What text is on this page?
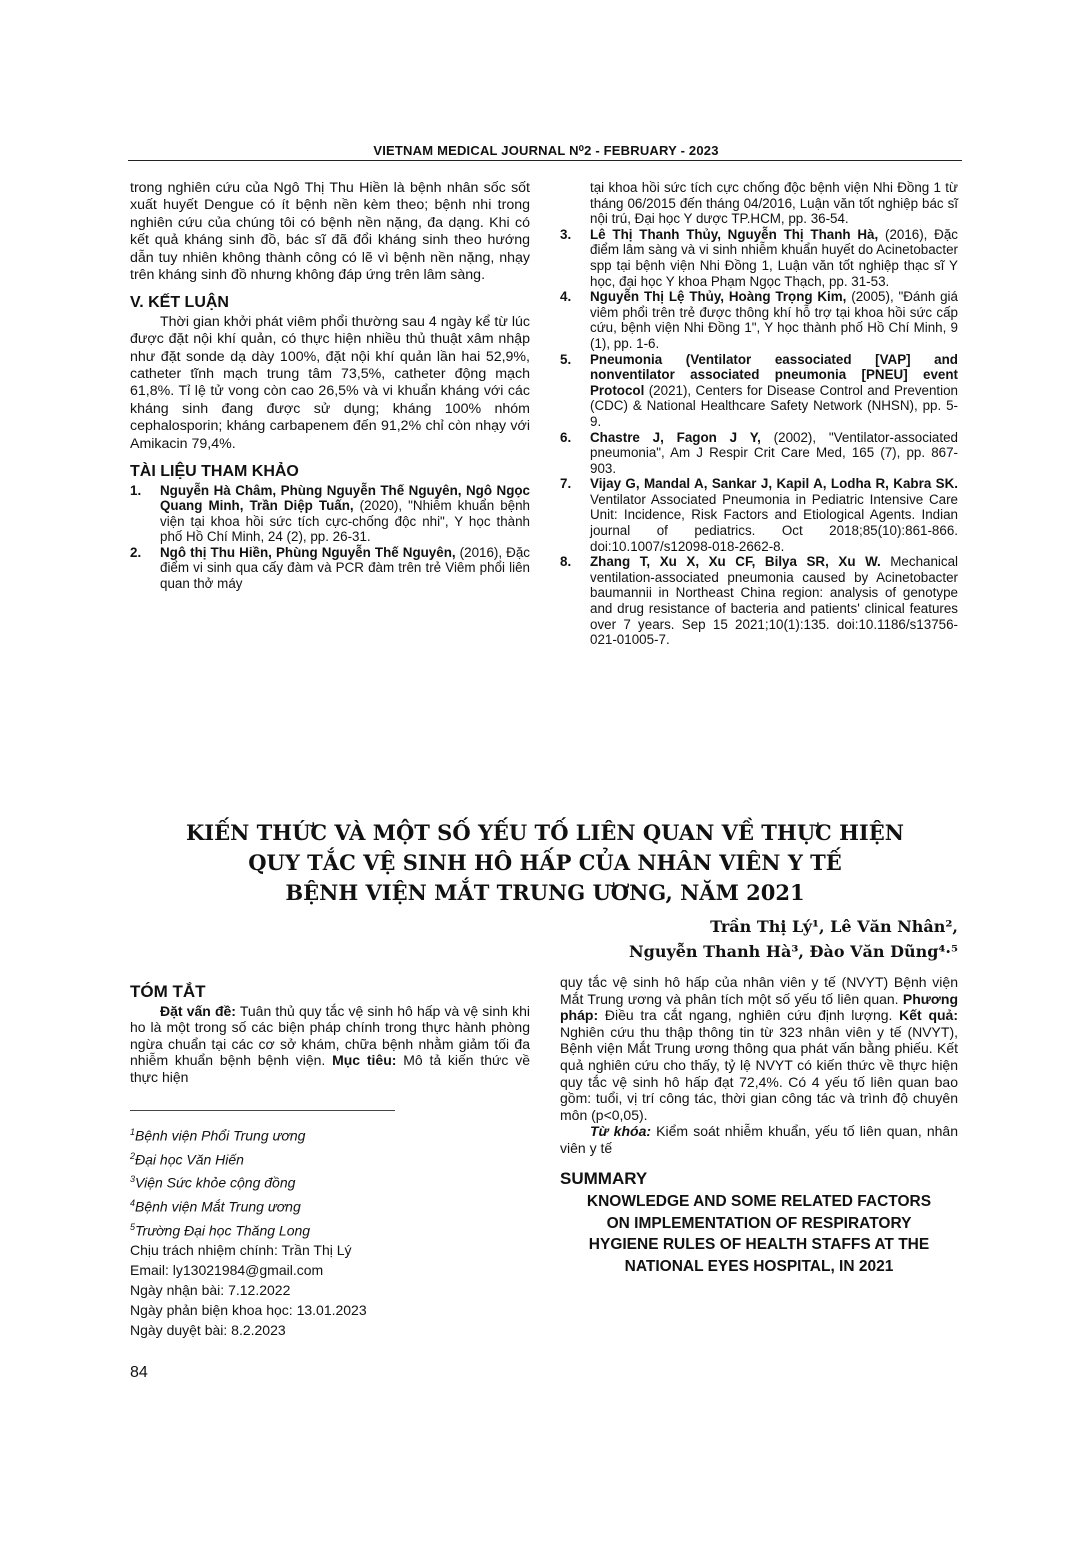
VIETNAM MEDICAL JOURNAL N⁰2 - FEBRUARY - 2023

trong nghiên cứu của Ngô Thị Thu Hiền là bệnh nhân sốc sốt xuất huyết Dengue có ít bệnh nền kèm theo; bệnh nhi trong nghiên cứu của chúng tôi có bệnh nền nặng, đa dạng. Khi có kết quả kháng sinh đồ, bác sĩ đã đổi kháng sinh theo hướng dẫn tuy nhiên không thành công có lẽ vì bệnh nền nặng, nhạy trên kháng sinh đồ nhưng không đáp ứng trên lâm sàng.

V. KẾT LUẬN

Thời gian khởi phát viêm phổi thường sau 4 ngày kể từ lúc được đặt nội khí quản, có thực hiện nhiều thủ thuật xâm nhập như đặt sonde dạ dày 100%, đặt nội khí quản lần hai 52,9%, catheter tĩnh mạch trung tâm 73,5%, catheter động mạch 61,8%. Tỉ lệ tử vong còn cao 26,5% và vi khuẩn kháng với các kháng sinh đang được sử dụng; kháng 100% nhóm cephalosporin; kháng carbapenem đến 91,2% chỉ còn nhạy với Amikacin 79,4%.

TÀI LIỆU THAM KHẢO
1.	Nguyễn Hà Châm, Phùng Nguyễn Thế Nguyên, Ngô Ngọc Quang Minh, Trần Diệp Tuấn, (2020), "Nhiễm khuẩn bệnh viện tại khoa hồi sức tích cực-chống độc nhi", Y học thành phố Hồ Chí Minh, 24 (2), pp. 26-31.
2.	Ngô thị Thu Hiền, Phùng Nguyễn Thế Nguyên, (2016), Đặc điểm vi sinh qua cấy đàm và PCR đàm trên trẻ Viêm phổi liên quan thở máy

tại khoa hồi sức tích cực chống độc bệnh viện Nhi Đồng 1 từ tháng 06/2015 đến tháng 04/2016, Luận văn tốt nghiệp bác sĩ nội trú, Đại học Y dược TP.HCM, pp. 36-54.

3.	Lê Thị Thanh Thủy, Nguyễn Thị Thanh Hà, (2016), Đặc điểm lâm sàng và vi sinh nhiễm khuẩn huyết do Acinetobacter spp tại bệnh viện Nhi Đồng 1, Luận văn tốt nghiệp thạc sĩ Y học, đại học Y khoa Phạm Ngọc Thạch, pp. 31-53.
4.	Nguyễn Thị Lệ Thủy, Hoàng Trọng Kim, (2005), "Đánh giá viêm phổi trên trẻ được thông khí hỗ trợ tại khoa hồi sức cấp cứu, bệnh viện Nhi Đồng 1", Y học thành phố Hồ Chí Minh, 9 (1), pp. 1-6.
5.	Pneumonia (Ventilator eassociated [VAP] and nonventilator associated pneumonia [PNEU] event Protocol (2021), Centers for Disease Control and Prevention (CDC) & National Healthcare Safety Network (NHSN), pp. 5-9.
6.	Chastre J, Fagon J Y, (2002), "Ventilator-associated pneumonia", Am J Respir Crit Care Med, 165 (7), pp. 867-903.
7.	Vijay G, Mandal A, Sankar J, Kapil A, Lodha R, Kabra SK. Ventilator Associated Pneumonia in Pediatric Intensive Care Unit: Incidence, Risk Factors and Etiological Agents. Indian journal of pediatrics. Oct 2018;85(10):861-866. doi:10.1007/s12098-018-2662-8.
8.	Zhang T, Xu X, Xu CF, Bilya SR, Xu W. Mechanical ventilation-associated pneumonia caused by Acinetobacter baumannii in Northeast China region: analysis of genotype and drug resistance of bacteria and patients' clinical features over 7 years. Sep 15 2021;10(1):135. doi:10.1186/s13756-021-01005-7.
KIẾN THỨC VÀ MỘT SỐ YẾU TỐ LIÊN QUAN VỀ THỰC HIỆN
QUY TẮC VỆ SINH HÔ HẤP CỦA NHÂN VIÊN Y TẾ
BỆNH VIỆN MẮT TRUNG ƯƠNG, NĂM 2021
Trần Thị Lý¹, Lê Văn Nhân²,
Nguyễn Thanh Hà³, Đào Văn Dũng⁴·⁵
TÓM TẮT

Đặt vấn đề: Tuân thủ quy tắc vệ sinh hô hấp và vệ sinh khi ho là một trong số các biện pháp chính trong thực hành phòng ngừa chuẩn tại các cơ sở khám, chữa bệnh nhằm giảm tối đa nhiễm khuẩn bệnh bệnh viện. Mục tiêu: Mô tả kiến thức về thực hiện

$^1$Bệnh viện Phổi Trung ương
$^2$Đại học Văn Hiến
$^3$Viện Sức khỏe cộng đồng
$^4$Bệnh viện Mắt Trung ương
$^5$Trường Đại học Thăng Long
Chịu trách nhiệm chính: Trần Thị Lý
Email: ly13021984@gmail.com
Ngày nhận bài: 7.12.2022
Ngày phản biện khoa học: 13.01.2023
Ngày duyệt bài: 8.2.2023

quy tắc vệ sinh hô hấp của nhân viên y tế (NVYT) Bệnh viện Mắt Trung ương và phân tích một số yếu tố liên quan. Phương pháp: Điều tra cắt ngang, nghiên cứu định lượng. Kết quả: Nghiên cứu thu thập thông tin từ 323 nhân viên y tế (NVYT), Bệnh viện Mắt Trung ương thông qua phát vấn bằng phiếu. Kết quả nghiên cứu cho thấy, tỷ lệ NVYT có kiến thức về thực hiện quy tắc vệ sinh hô hấp đạt 72,4%. Có 4 yếu tố liên quan bao gồm: tuổi, vị trí công tác, thời gian công tác và trình độ chuyên môn (p<0,05).

Từ khóa: Kiểm soát nhiễm khuẩn, yếu tố liên quan, nhân viên y tế

SUMMARY
KNOWLEDGE AND SOME RELATED FACTORS
ON IMPLEMENTATION OF RESPIRATORY
HYGIENE RULES OF HEALTH STAFFS AT THE
NATIONAL EYES HOSPITAL, IN 2021
84
